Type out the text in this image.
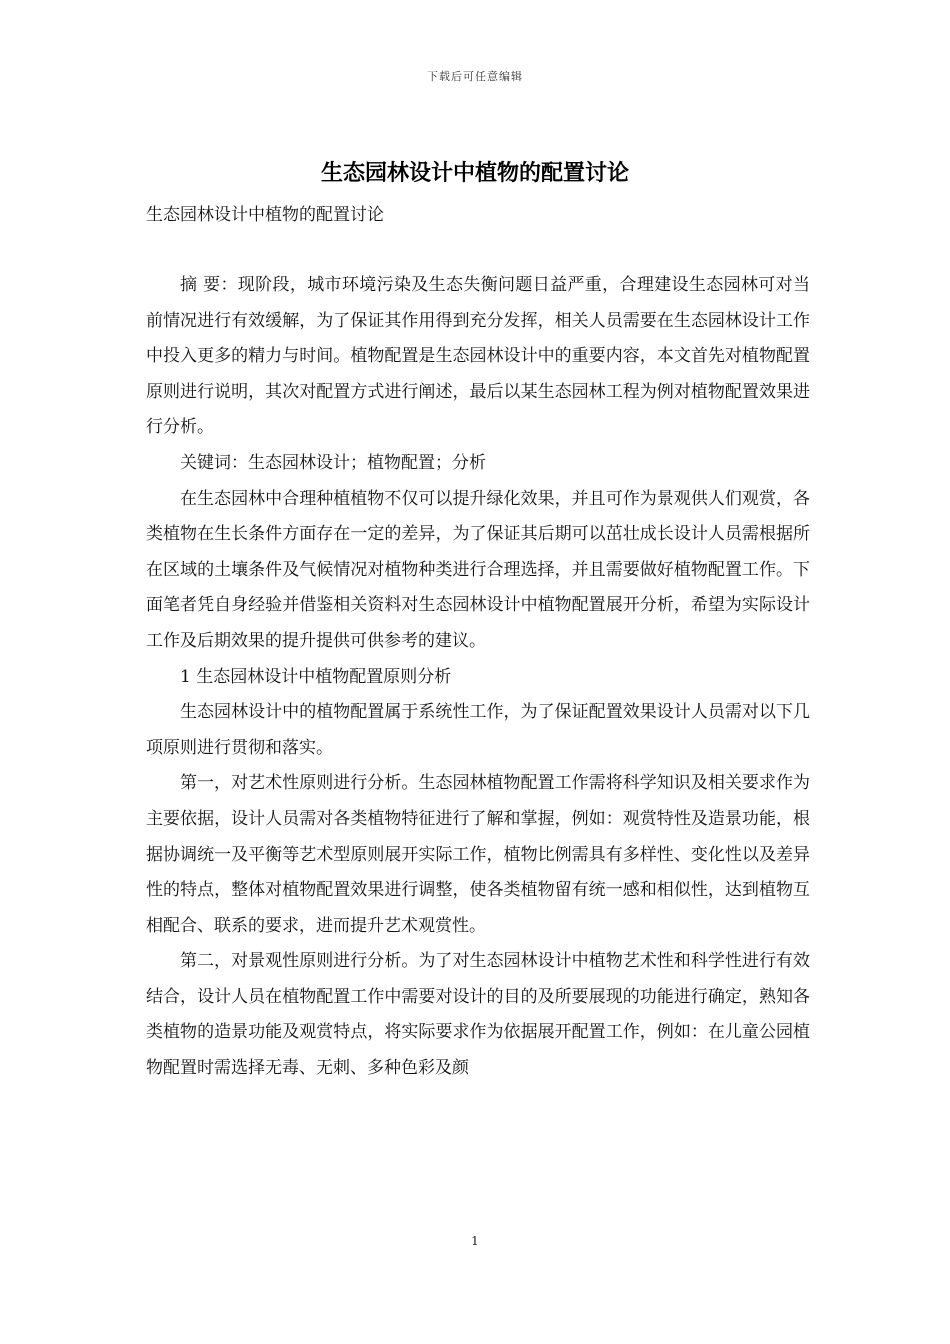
下载后可任意编辑
生态园林设计中植物的配置讨论

生态园林设计中植物的配置讨论

摘 要：现阶段，城市环境污染及生态失衡问题日益严重，合理建设生态园林可对当前情况进行有效缓解，为了保证其作用得到充分发挥，相关人员需要在生态园林设计工作中投入更多的精力与时间。植物配置是生态园林设计中的重要内容，本文首先对植物配置原则进行说明，其次对配置方式进行阐述，最后以某生态园林工程为例对植物配置效果进行分析。

关键词：生态园林设计；植物配置；分析

在生态园林中合理种植植物不仅可以提升绿化效果，并且可作为景观供人们观赏，各类植物在生长条件方面存在一定的差异，为了保证其后期可以茁壮成长设计人员需根据所在区域的土壤条件及气候情况对植物种类进行合理选择，并且需要做好植物配置工作。下面笔者凭自身经验并借鉴相关资料对生态园林设计中植物配置展开分析，希望为实际设计工作及后期效果的提升提供可供参考的建议。

1 生态园林设计中植物配置原则分析

生态园林设计中的植物配置属于系统性工作，为了保证配置效果设计人员需对以下几项原则进行贯彻和落实。

第一，对艺术性原则进行分析。生态园林植物配置工作需将科学知识及相关要求作为主要依据，设计人员需对各类植物特征进行了解和掌握，例如：观赏特性及造景功能，根据协调统一及平衡等艺术型原则展开实际工作，植物比例需具有多样性、变化性以及差异性的特点，整体对植物配置效果进行调整，使各类植物留有统一感和相似性，达到植物互相配合、联系的要求，进而提升艺术观赏性。

第二，对景观性原则进行分析。为了对生态园林设计中植物艺术性和科学性进行有效结合，设计人员在植物配置工作中需要对设计的目的及所要展现的功能进行确定，熟知各类植物的造景功能及观赏特点，将实际要求作为依据展开配置工作，例如：在儿童公园植物配置时需选择无毒、无刺、多种色彩及颜

1
